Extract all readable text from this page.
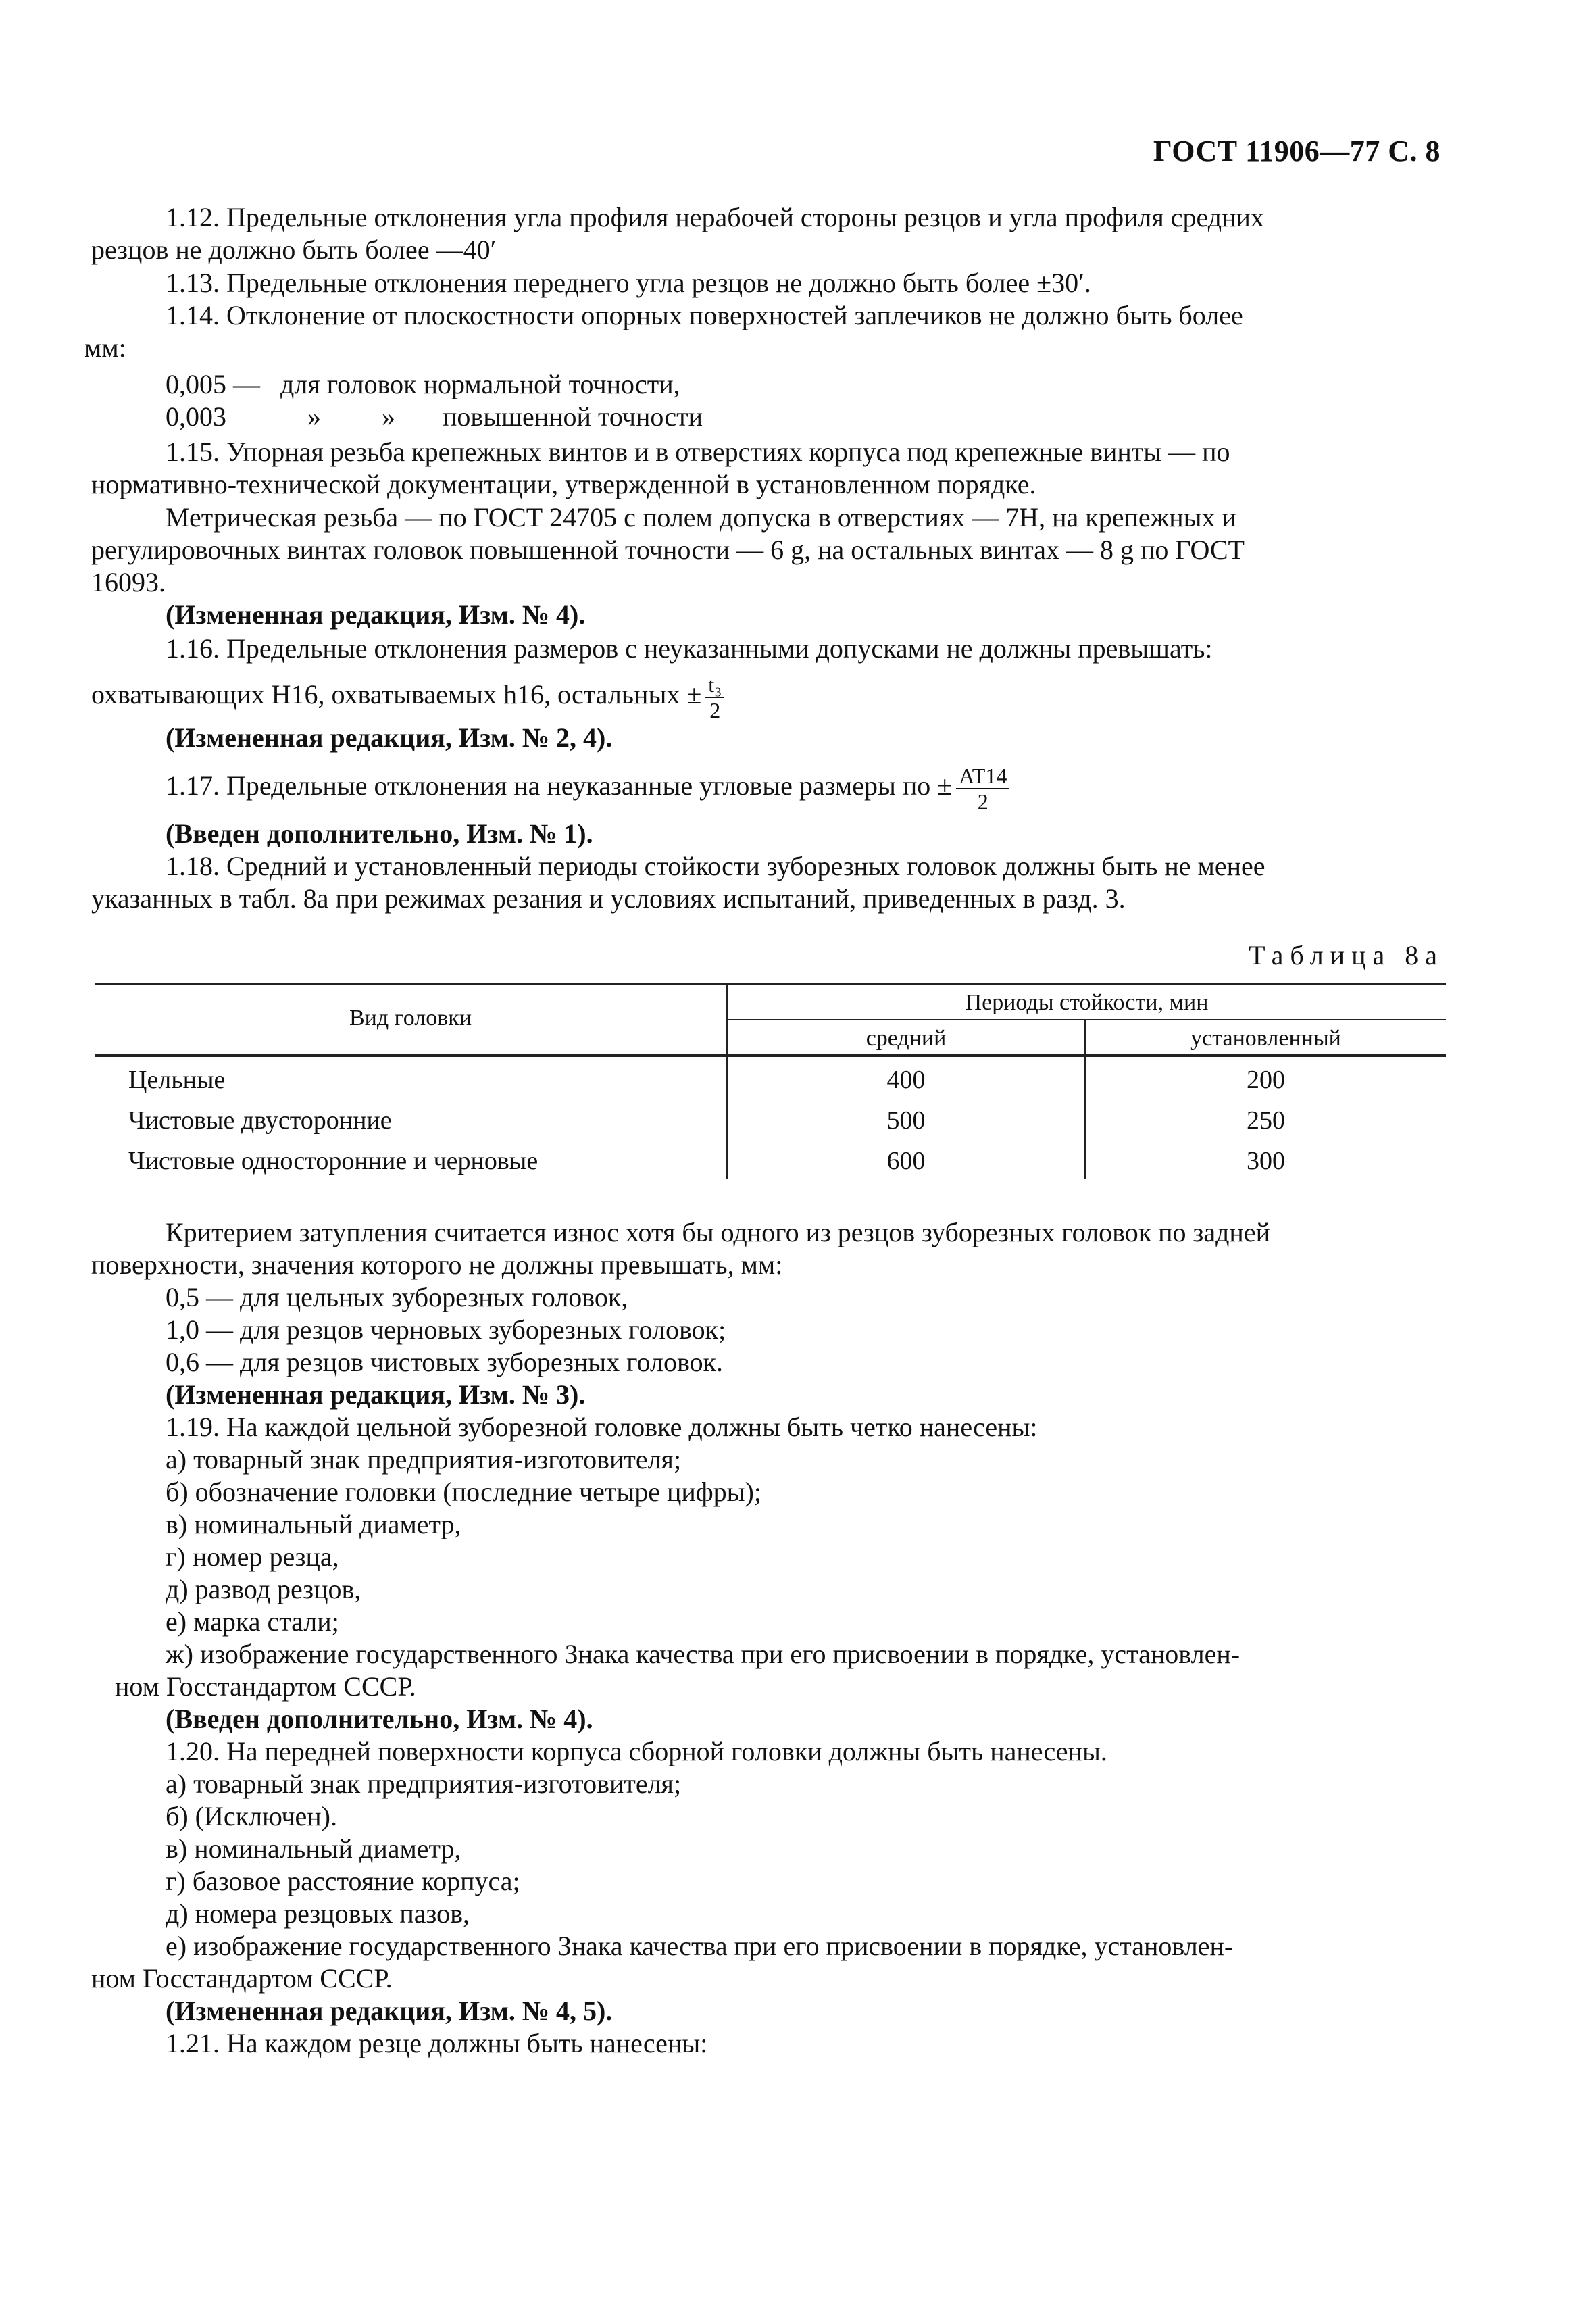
ГОСТ 11906—77 С. 8
1.12. Предельные отклонения угла профиля нерабочей стороны резцов и угла профиля средних
резцов не должно быть более —40′
1.13. Предельные отклонения переднего угла резцов не должно быть более ±30′.
1.14. Отклонение от плоскостности опорных поверхностей заплечиков не должно быть более
мм:
0,005 — для головок нормальной точности,
0,003	» » повышенной точности
1.15. Упорная резьба крепежных винтов и в отверстиях корпуса под крепежные винты — по
нормативно-технической документации, утвержденной в установленном порядке.
Метрическая резьба — по ГОСТ 24705 с полем допуска в отверстиях — 7Н, на крепежных и
регулировочных винтах головок повышенной точности — 6 g, на остальных винтах — 8 g по ГОСТ
16093.
(Измененная редакция, Изм. № 4).
1.16. Предельные отклонения размеров с неуказанными допусками не должны превышать:
охватывающих Н16, охватываемых h16, остальных ± $\frac{\text{t₃}}{2}$
(Измененная редакция, Изм. № 2, 4).
1.17. Предельные отклонения на неуказанные угловые размеры по ± $\frac{AT14}{2}$
(Введен дополнительно, Изм. № 1).
1.18. Средний и установленный периоды стойкости зуборезных головок должны быть не менее
указанных в табл. 8а при режимах резания и условиях испытаний, приведенных в разд. 3.
Таблица 8а
Вид головки
Периоды стойкости, мин
средний	установленный
Цельные	400	200
Чистовые двусторонние	500	250
Чистовые односторонние и черновые	600	300
Критерием затупления считается износ хотя бы одного из резцов зуборезных головок по задней
поверхности, значения которого не должны превышать, мм:
0,5 — для цельных зуборезных головок,
1,0 — для резцов черновых зуборезных головок;
0,6 — для резцов чистовых зуборезных головок.
(Измененная редакция, Изм. № 3).
1.19. На каждой цельной зуборезной головке должны быть четко нанесены:
а) товарный знак предприятия-изготовителя;
б) обозначение головки (последние четыре цифры);
в) номинальный диаметр,
г) номер резца,
д) развод резцов,
е) марка стали;
ж) изображение государственного Знака качества при его присвоении в порядке, установлен-
ном Госстандартом СССР.
(Введен дополнительно, Изм. № 4).
1.20. На передней поверхности корпуса сборной головки должны быть нанесены.
а) товарный знак предприятия-изготовителя;
б) (Исключен).
в) номинальный диаметр,
г) базовое расстояние корпуса;
д) номера резцовых пазов,
е) изображение государственного Знака качества при его присвоении в порядке, установлен-
ном Госстандартом СССР.
(Измененная редакция, Изм. № 4, 5).
1.21. На каждом резце должны быть нанесены:
